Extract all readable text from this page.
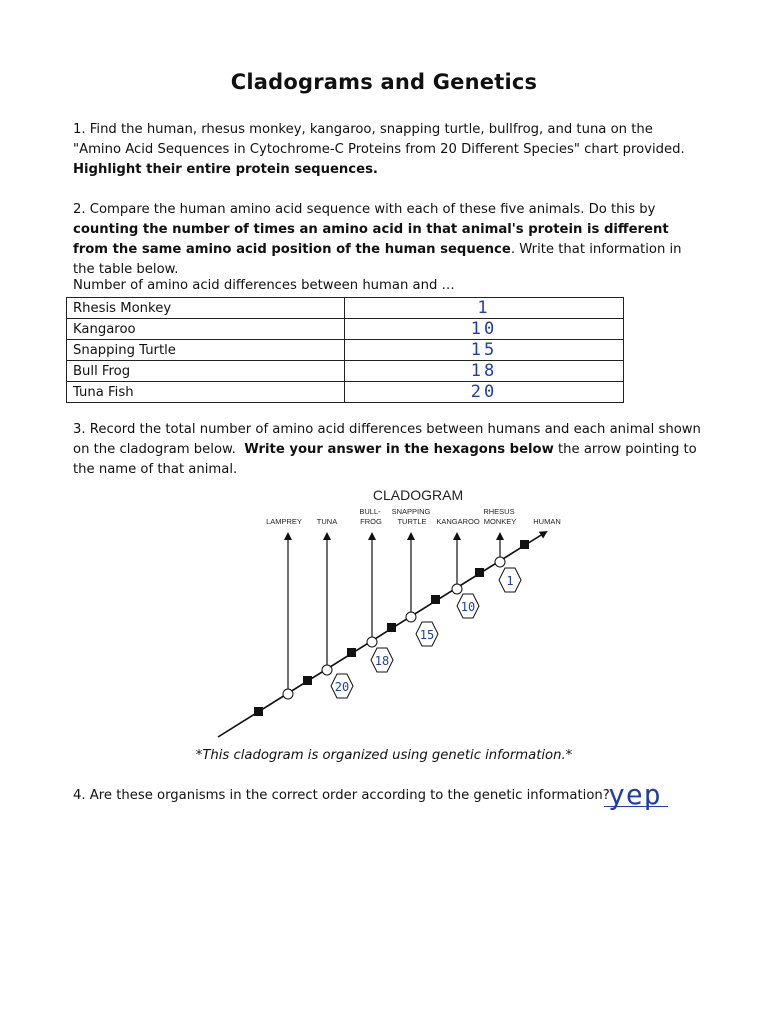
Cladograms and Genetics
1. Find the human, rhesus monkey, kangaroo, snapping turtle, bullfrog, and tuna on the "Amino Acid Sequences in Cytochrome-C Proteins from 20 Different Species" chart provided.  Highlight their entire protein sequences.
2. Compare the human amino acid sequence with each of these five animals. Do this by counting the number of times an amino acid in that animal's protein is different from the same amino acid position of the human sequence. Write that information in the table below.
Number of amino acid differences between human and …
Rhesis Monkey	1
Kangaroo	10
Snapping Turtle	15
Bull Frog	18
Tuna Fish	20
3. Record the total number of amino acid differences between humans and each animal shown on the cladogram below. Write your answer in the hexagons below the arrow pointing to the name of that animal.
CLADOGRAM
LAMPREY TUNA
BULL- FROG
SNAPPING TURTLE	KANGAROO
RHESUS MONKEY HUMAN
20
18
15
10
1
*This cladogram is organized using genetic information.*
4. Are these organisms in the correct order according to the genetic information?
yep
